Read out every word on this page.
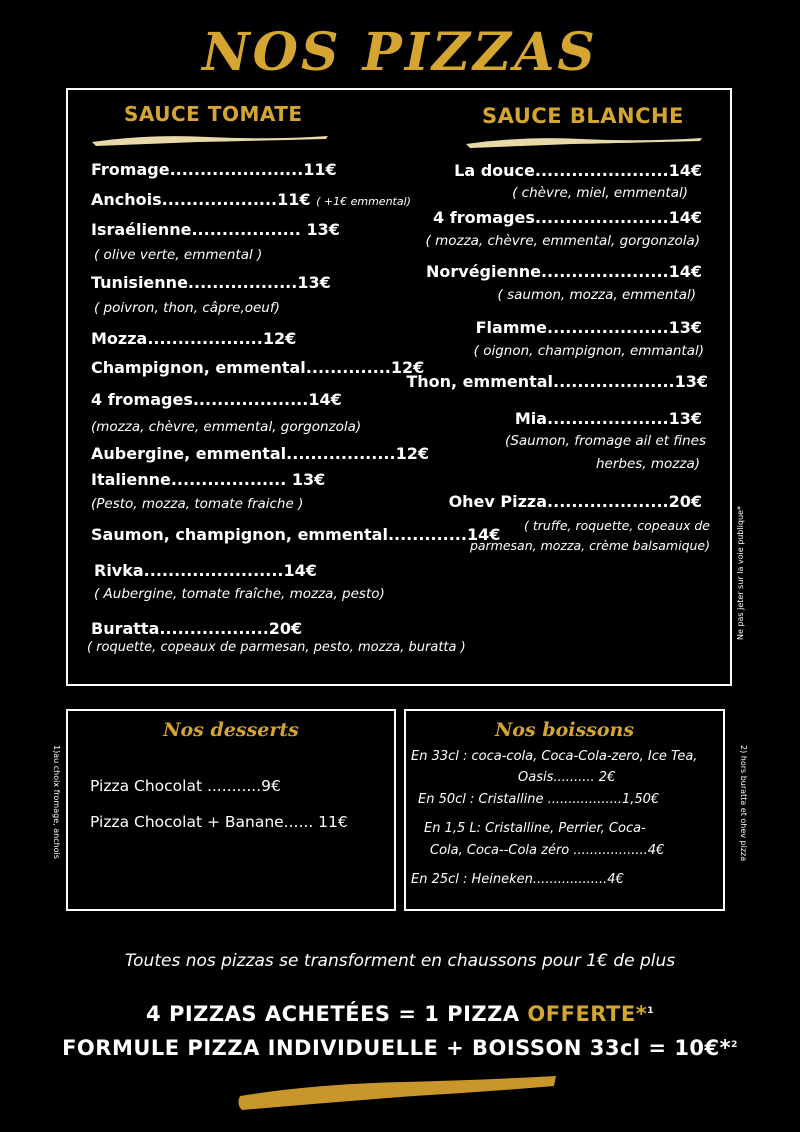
NOS PIZZAS
SAUCE TOMATE	SAUCE BLANCHE
Fromage......................11€
Anchois...................11€ ( +1€ emmental)
Israélienne.................. 13€
( olive verte, emmental )
Tunisienne..................13€
( poivron, thon, câpre,oeuf)
Mozza...................12€
Champignon, emmental..............12€
4 fromages...................14€
(mozza, chèvre, emmental, gorgonzola)
Aubergine, emmental..................12€
Italienne................... 13€
(Pesto, mozza, tomate fraiche )
Saumon, champignon, emmental.............14€
Rivka.......................14€
( Aubergine, tomate fraîche, mozza, pesto)
Buratta..................20€
( roquette, copeaux de parmesan, pesto, mozza, buratta )
La douce......................14€
( chèvre, miel, emmental)
4 fromages......................14€
( mozza, chèvre, emmental, gorgonzola)
Norvégienne.....................14€
( saumon, mozza, emmental)
Flamme....................13€
( oignon, champignon, emmantal)
Thon, emmental....................13€
Mia....................13€
(Saumon, fromage ail et fines
herbes, mozza)
Ohev Pizza....................20€
( truffe, roquette, copeaux de
parmesan, mozza, crème balsamique)	Ne pas jeter sur la voie publique*
1)au choix fromage, anchois	2) hors buratta et ohev pizza
Nos desserts
Pizza Chocolat ...........9€
Pizza Chocolat + Banane...... 11€
Nos boissons
En 33cl : coca-cola, Coca-Cola-zero, Ice Tea,
Oasis.......... 2€
En 50cl : Cristalline ..................1,50€
En 1,5 L: Cristalline, Perrier, Coca-
Cola, Coca--Cola zéro ..................4€
En 25cl : Heineken..................4€
Toutes nos pizzas se transforment en chaussons pour 1€ de plus
4 PIZZAS ACHETÉES = 1 PIZZA OFFERTE*$^1$
FORMULE PIZZA INDIVIDUELLE + BOISSON 33cl = 10€*$^2$
